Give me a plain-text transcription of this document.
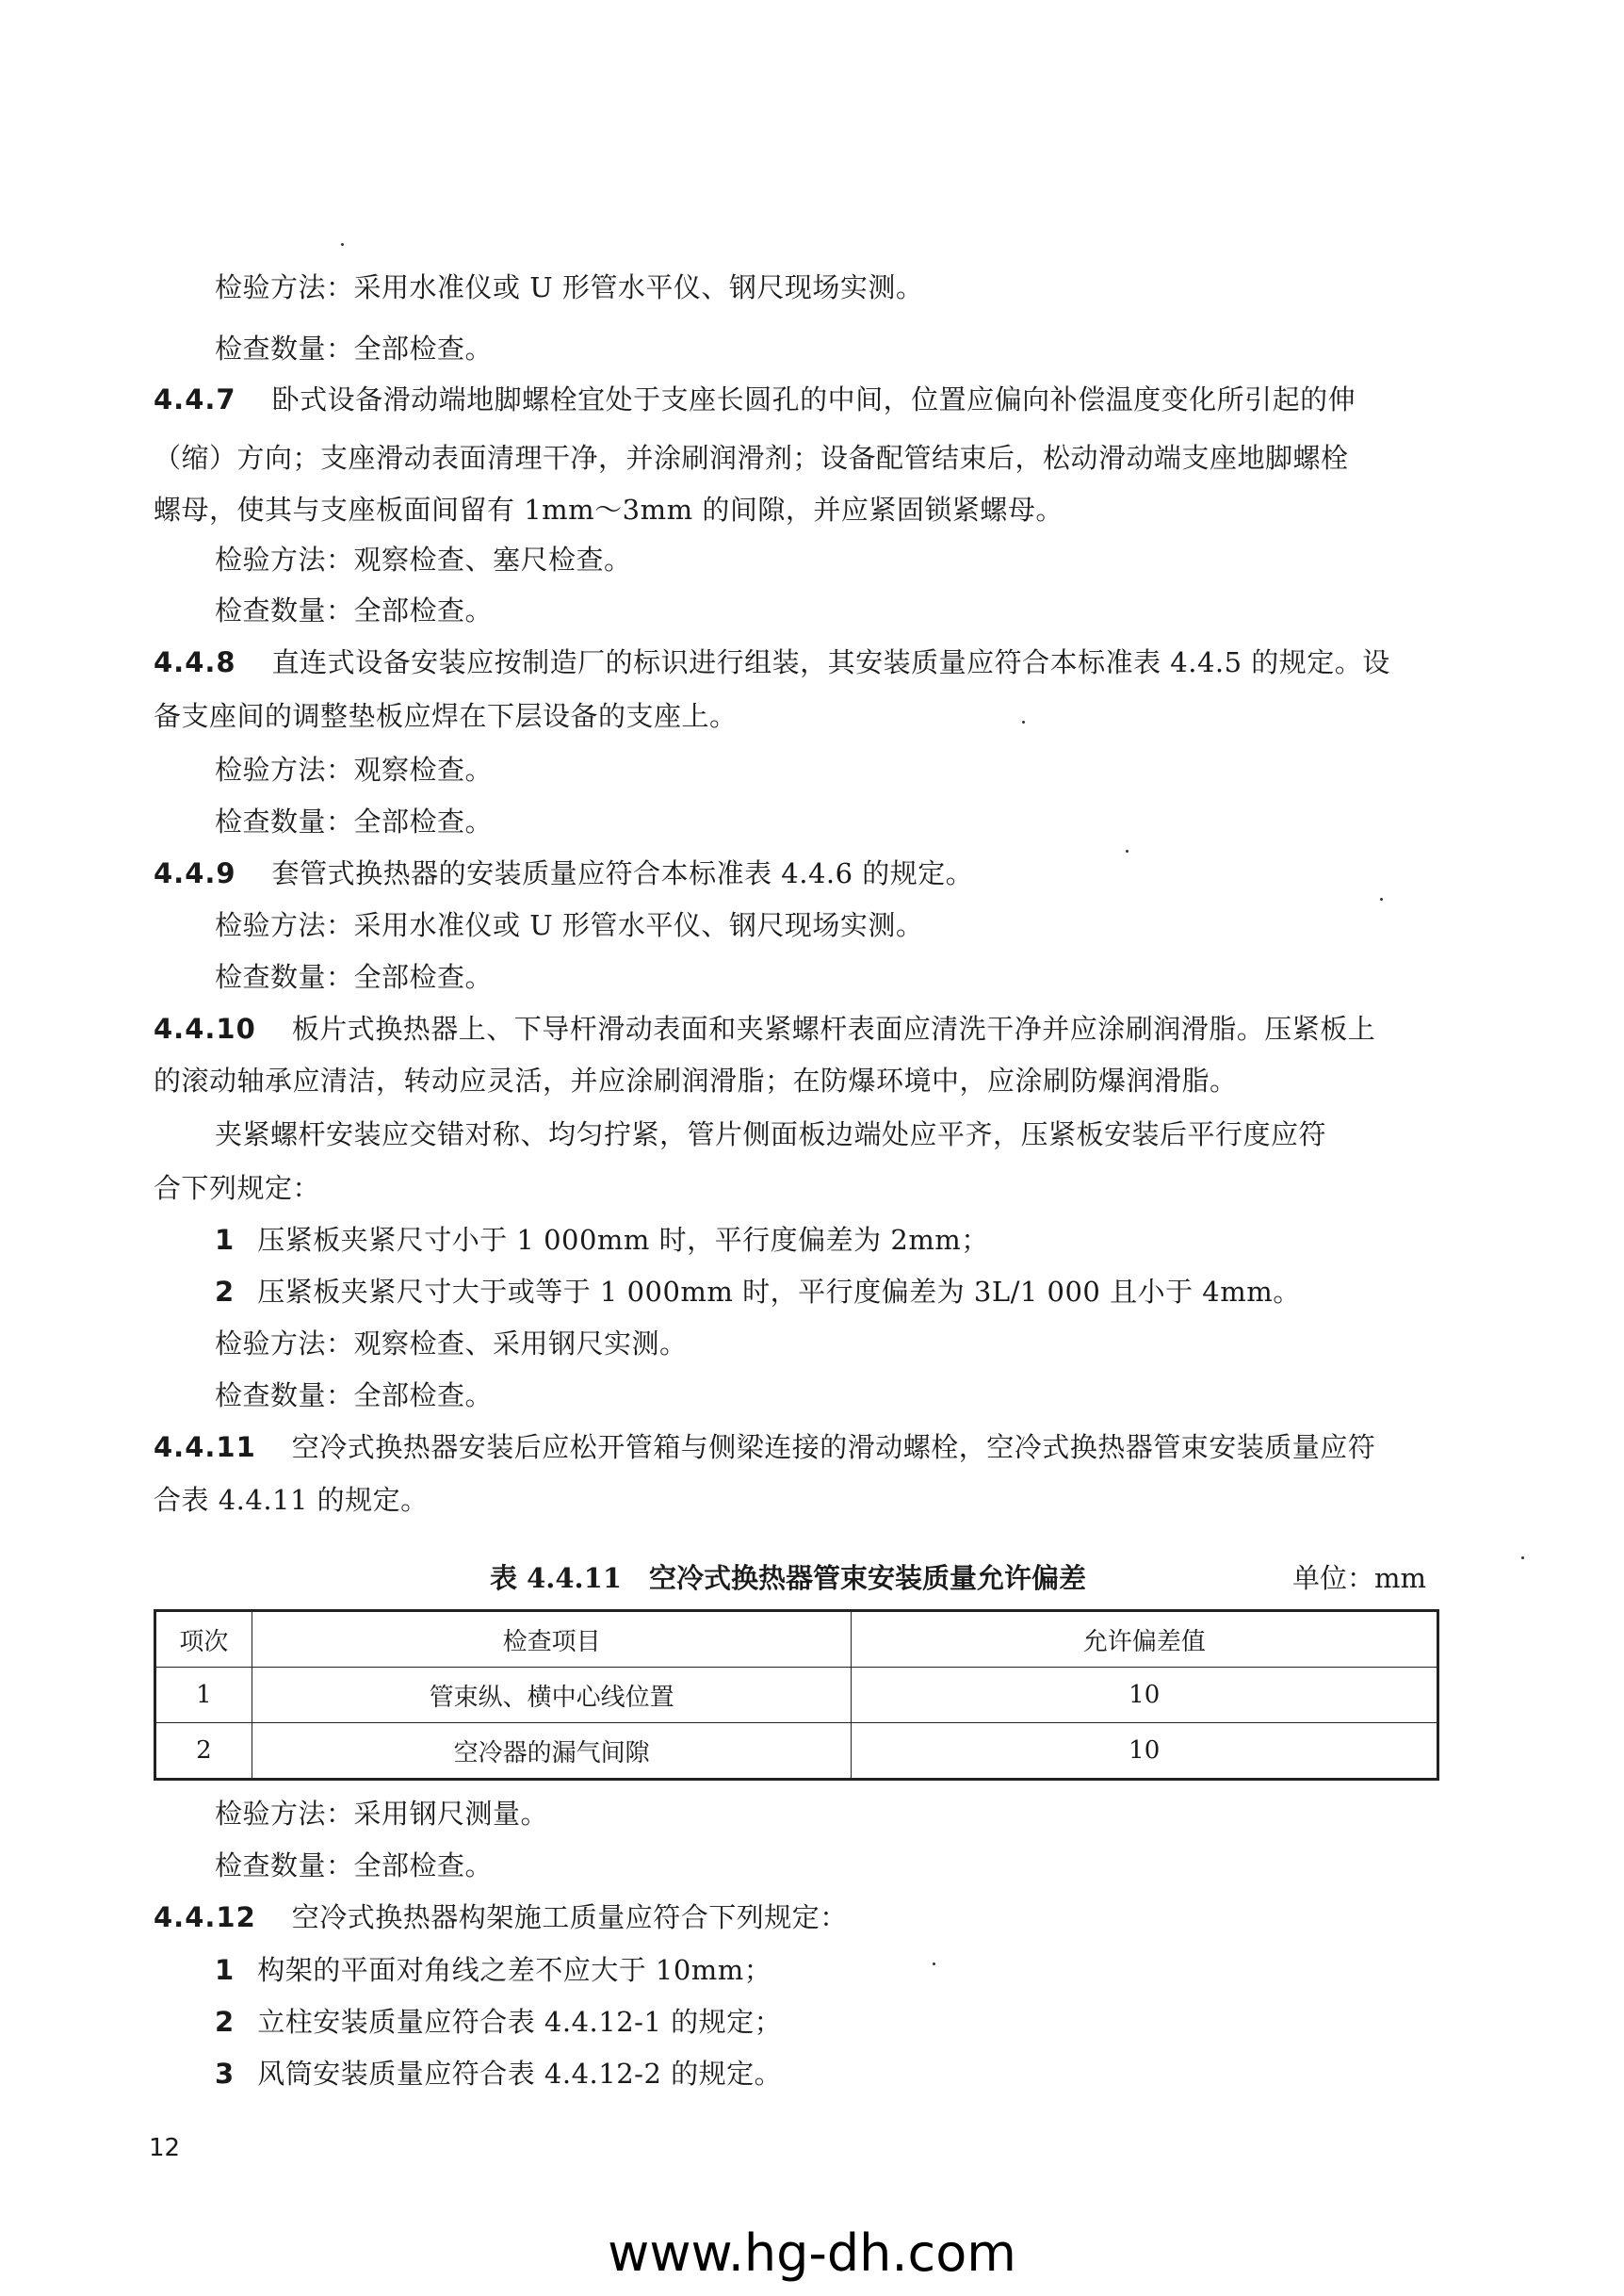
检验方法：采用水准仪或 U 形管水平仪、钢尺现场实测。
检查数量：全部检查。
4.4.7 卧式设备滑动端地脚螺栓宜处于支座长圆孔的中间，位置应偏向补偿温度变化所引起的伸
（缩）方向；支座滑动表面清理干净，并涂刷润滑剂；设备配管结束后，松动滑动端支座地脚螺栓
螺母，使其与支座板面间留有 1mm～3mm 的间隙，并应紧固锁紧螺母。
检验方法：观察检查、塞尺检查。
检查数量：全部检查。
4.4.8 直连式设备安装应按制造厂的标识进行组装，其安装质量应符合本标准表 4.4.5 的规定。设
备支座间的调整垫板应焊在下层设备的支座上。
检验方法：观察检查。
检查数量：全部检查。
4.4.9 套管式换热器的安装质量应符合本标准表 4.4.6 的规定。
检验方法：采用水准仪或 U 形管水平仪、钢尺现场实测。
检查数量：全部检查。
4.4.10 板片式换热器上、下导杆滑动表面和夹紧螺杆表面应清洗干净并应涂刷润滑脂。压紧板上
的滚动轴承应清洁，转动应灵活，并应涂刷润滑脂；在防爆环境中，应涂刷防爆润滑脂。
夹紧螺杆安装应交错对称、均匀拧紧，管片侧面板边端处应平齐，压紧板安装后平行度应符
合下列规定：
1 压紧板夹紧尺寸小于 1 000mm 时，平行度偏差为 2mm；
2 压紧板夹紧尺寸大于或等于 1 000mm 时，平行度偏差为 3L/1 000 且小于 4mm。
检验方法：观察检查、采用钢尺实测。
检查数量：全部检查。
4.4.11 空冷式换热器安装后应松开管箱与侧梁连接的滑动螺栓，空冷式换热器管束安装质量应符
合表 4.4.11 的规定。
检验方法：采用钢尺测量。
检查数量：全部检查。
4.4.12 空冷式换热器构架施工质量应符合下列规定：
1 构架的平面对角线之差不应大于 10mm；
2 立柱安装质量应符合表 4.4.12-1 的规定；
3 风筒安装质量应符合表 4.4.12-2 的规定。
表 4.4.11　空冷式换热器管束安装质量允许偏差	单位：mm
项次	检查项目	允许偏差值
1	管束纵、横中心线位置	10
2	空冷器的漏气间隙	10
12
www.hg-dh.com
